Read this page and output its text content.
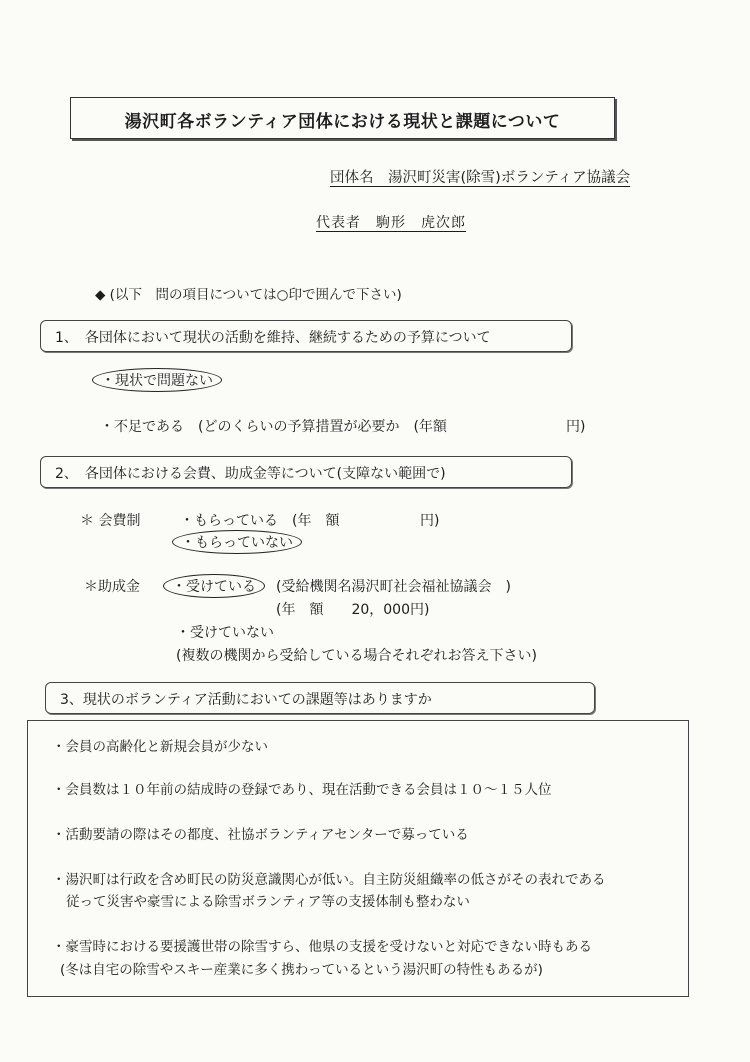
湯沢町各ボランティア団体における現状と課題について
団体名　湯沢町災害(除雪)ボランティア協議会
代表者　駒形　虎次郎
◆ (以下　問の項目については○印で囲んで下さい)
1、　各団体において現状の活動を維持、継続するための予算について
・現状で問題ない
・不足である　(どのくらいの予算措置が必要か　(年額	円)
2、　各団体における会費、助成金等について(支障ない範囲で)
＊ 会費制	・もらっている　(年　額	円)
・もらっていない
＊助成金	・受けている	(受給機関名湯沢町社会福祉協議会　)
(年　額　　20，000円)
・受けていない
(複数の機関から受給している場合それぞれお答え下さい)
3、現状のボランティア活動においての課題等はありますか
・会員の高齢化と新規会員が少ない
・会員数は１０年前の結成時の登録であり、現在活動できる会員は１０～１５人位
・活動要請の際はその都度、社協ボランティアセンターで募っている
・湯沢町は行政を含め町民の防災意識関心が低い。自主防災組織率の低さがその表れである
従って災害や豪雪による除雪ボランティア等の支援体制も整わない
・豪雪時における要援護世帯の除雪すら、他県の支援を受けないと対応できない時もある
(冬は自宅の除雪やスキー産業に多く携わっているという湯沢町の特性もあるが)
